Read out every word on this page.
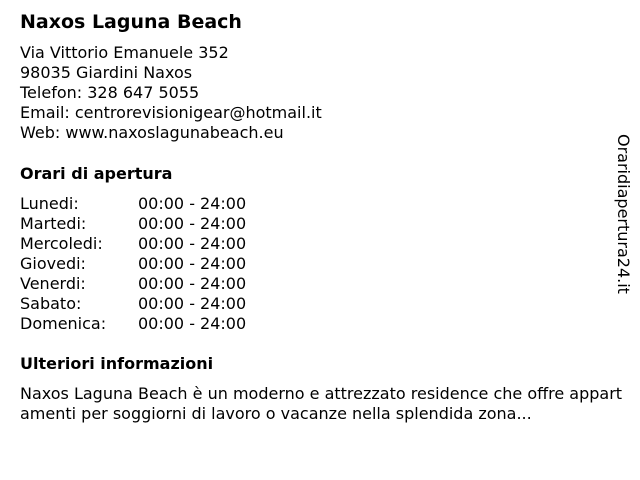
Naxos Laguna Beach
Via Vittorio Emanuele 352
98035 Giardini Naxos
Telefon: 328 647 5055
Email: centrorevisionigear@hotmail.it
Web: www.naxoslagunabeach.eu
Orari di apertura
Lunedi:	00:00 - 24:00
Martedi:	00:00 - 24:00
Mercoledi: 00:00 - 24:00
Giovedi:	00:00 - 24:00
Venerdi:	00:00 - 24:00
Sabato:	00:00 - 24:00
Domenica: 00:00 - 24:00
Ulteriori informazioni
Naxos Laguna Beach è un moderno e attrezzato residence che offre appartamenti per soggiorni di lavoro o vacanze nella splendida zona...
Oraridiapertura24.it
